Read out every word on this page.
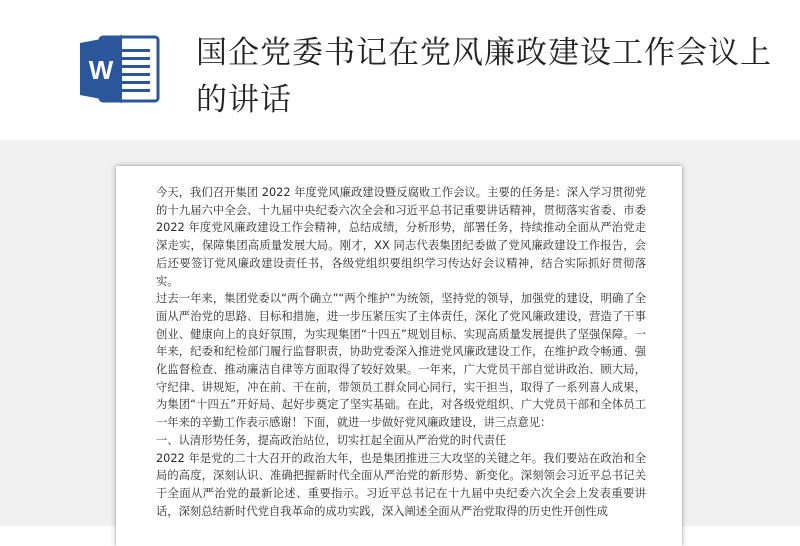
W	国企党委书记在党风廉政建设工作会议上的讲话

今天，我们召开集团 2022 年度党风廉政建设暨反腐败工作会议。主要的任务是：深入学习贯彻党的十九届六中全会、十九届中央纪委六次全会和习近平总书记重要讲话精神，贯彻落实省委、市委 2022 年度党风廉政建设工作会精神，总结成绩，分析形势，部署任务，持续推动全面从严治党走深走实，保障集团高质量发展大局。刚才，XX 同志代表集团纪委做了党风廉政建设工作报告，会后还要签订党风廉政建设责任书，各级党组织要组织学习传达好会议精神，结合实际抓好贯彻落实。

过去一年来，集团党委以“两个确立”“两个维护”为统领，坚持党的领导，加强党的建设，明确了全面从严治党的思路、目标和措施，进一步压紧压实了主体责任，深化了党风廉政建设，营造了干事创业、健康向上的良好氛围，为实现集团“十四五”规划目标、实现高质量发展提供了坚强保障。一年来，纪委和纪检部门履行监督职责，协助党委深入推进党风廉政建设工作，在维护政令畅通、强化监督检查、推动廉洁自律等方面取得了较好效果。一年来，广大党员干部自觉讲政治、顾大局，守纪律、讲规矩，冲在前、干在前，带领员工群众同心同行，实干担当，取得了一系列喜人成果，为集团“十四五”开好局、起好步奠定了坚实基础。在此，对各级党组织、广大党员干部和全体员工一年来的辛勤工作表示感谢！下面，就进一步做好党风廉政建设，讲三点意见：

一、认清形势任务，提高政治站位，切实扛起全面从严治党的时代责任

2022 年是党的二十大召开的政治大年，也是集团推进三大攻坚的关键之年。我们要站在政治和全局的高度，深刻认识、准确把握新时代全面从严治党的新形势、新变化。深刻领会习近平总书记关于全面从严治党的最新论述、重要指示。习近平总书记在十九届中央纪委六次全会上发表重要讲话，深刻总结新时代党自我革命的成功实践，深入阐述全面从严治党取得的历史性开创性成
